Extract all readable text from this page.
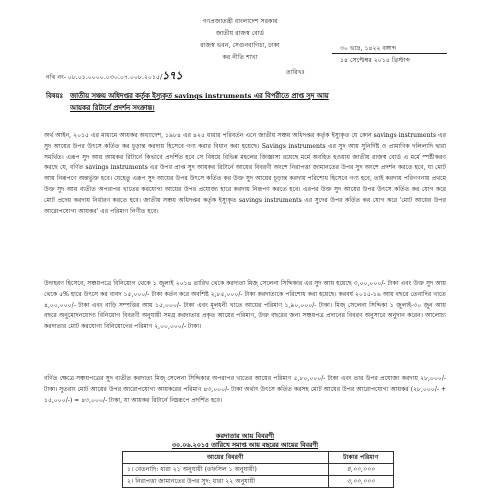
গণপ্রজাতন্ত্রী বাংলাদেশ সরকার
জাতীয় রাজস্ব বোর্ড
রাজস্ব ভবন, সেগুনবাগিচা, ঢাকা
কর নীতি শাখা
৩০ ভাদ্র, ১৪২২ বঙ্গাব্দ
১৪ সেপ্টেম্বর ২০১৫ খ্রিস্টাব্দ
নথি নং- ০৮.০১.০০০০.০৩০.০৭.০০৮.২০১৫/১৭১	তারিখঃ
বিষয়ঃ জাতীয় সঞ্চয় অধিদপ্তর কর্তৃক ইস্যুকৃত savings instruments এর বিপরীতে প্রাপ্ত সুদ আয়
আয়কর রিটার্নে প্রদর্শন সংক্রান্ত।
অর্থ আইন, ২০১৫ এর মাধ্যমে আয়কর অধ্যাদেশ, ১৯৮৪ এর ৪২৫ ধারার পরিবর্তন এনে জাতীয় সঞ্চয় অধিদপ্তর কর্তৃক ইস্যুকৃত যে কোন savings instruments এর সুদ আয়ের উপর উৎসে কর্তিত কর চূড়ান্ত করদায় হিসেবে গণ্য করার বিধান করা হয়েছে। Savings instruments এর সুদ আয় সুনির্দিষ্ট ও প্রামাণিক দলিলাদি দ্বারা সমর্থিত। এরূপ সুদ আয় আয়কর রিটার্নে কিভাবে প্রদর্শিত হবে সে বিষয়ে বিভিন্ন মহলের জিজ্ঞাসা রয়েছে মর্মে অবহিত হওয়ায় জাতীয় রাজস্ব বোর্ড এ মর্মে স্পষ্টীকরণ করছে যে, বর্ণিত savings instruments এর উপর প্রাপ্ত সুদ আয়কর রিটার্নে আয়ের বিবরণী অংশে নিরাপত্তা জামানতের উপর সুদ অংশে প্রদর্শন করতে হবে, যা মোট আয় নিরূপণে অন্তর্ভুক্ত হবে। যেহেতু এরূপ সুদ আয়ের উপর উৎসে কর্তিত কর উক্ত সুদ আয়ের চূড়ান্ত করদায় পরিশোধ হিসেবে গণ্য হবে, তাই করদায় পরিগণনায় প্রথমে উক্ত সুদ আয় ব্যতীত অপরাপর খাতের করযোগ্য আয়ের উপর প্রযোজ্য হারে করদায় নিরূপণ করতে হবে। এরপর উক্ত সুদ আয়ের উপর উৎসে কর্তিত কর যোগ করে মোট প্রদেয় করদায় নির্ধারণ করতে হবে। জাতীয় সঞ্চয় অধিদপ্তর কর্তৃক ইস্যুকৃত savings instruments এর সুদের উপর কর্তিত কর যোগ করে 'মোট আয়ের উপর আরোপযোগ্য আয়কর' এর পরিমাণ নির্ণীত হবে।
উদাহরণ হিসেবে, সঞ্চয়পত্রে বিনিয়োগ থেকে ১ জুলাই ২০১৪ তারিখ থেকে করদাতা মিজ্ সেলেনা সিদ্দিকার এর সুদ আয় হয়েছে ৩,০০,০০০/- টাকা এবং উক্ত সুদ আয় থেকে ৫% হারে উৎসে কর বাবদ ১৫,০০০/- টাকা কর্তন করে অবশিষ্ট ২,৮৫,০০০/- টাকা করদাতাকে পরিশোধ করা হয়েছে। করবর্ষ ২০১৫-১৬ আয় বছরে তেনাদির খাতে ৪,০০,০০০/- টাকা এবং বাড়ি সম্পত্তির আয় ১৫,০০০/- টাকা এবং মূলধনী খাতে আয়ের পরিমাণ ১,৯০,০০০/- টাকা। মিজ্ সেলেনা সিদ্দিকা ১ জুলাই-৩০ জুন আয় বছরে অনুমোদনযোগ্য বিনিয়োগ বিবরণী অনুযায়ী সমগ্র করদাতার প্রকৃত আয়ের পরিমাণ, উক্ত বছরের জন্য সঞ্চয়পত্র প্রদানের বিবরণ অনুসারে অনুদান করেন। আলোচ্য করদাতার মোট করযোগ্য বিনিয়োগের পরিমাণ ২,০০,০০০/- টাকা।
বর্ণিত ক্ষেত্রে সঞ্চয়পত্রের সুদ ব্যতীত করদাতা মিজ্ সেলেনা সিদ্দিকার অপরাপর খাতের আয়ের পরিমাণ ৫,৮০,০০০/- টাকা এবং তার উপর প্রযোজ্য করদায় ২৮,০০০/- টাকা। সুতরাং মোট আয়ের উপর আরোপযোগ্য আয়করের পরিমাণ ৪৩,০০০/- টাকা অর্থাৎ উৎসে কর্তিত করসহ মোট আয়ের উপর আরোপযোগ্য আয়কর (২৮,০০০/- + ১৫,০০০/-) = ৪৩,০০০/- টাকা, যা আয়কর রিটার্নে নিম্নরূপে প্রদর্শিত হবে।
করদাতার আয় বিবরণী
৩০.০৬.২০১৫ তারিখে সমাপ্ত আয় বছরের আয়ের বিবরণী
আয়ের বিবরণী	টাকার পরিমাণ
১। বেতনাদি: ধারা ২১ অনুযায়ী (তফসিল ১ অনুযায়ী)	৪,০০,০০০
২। নিরাপত্তা জামানতের উপর সুদ: ধারা ২২ অনুযায়ী	৩,০০,০০০
